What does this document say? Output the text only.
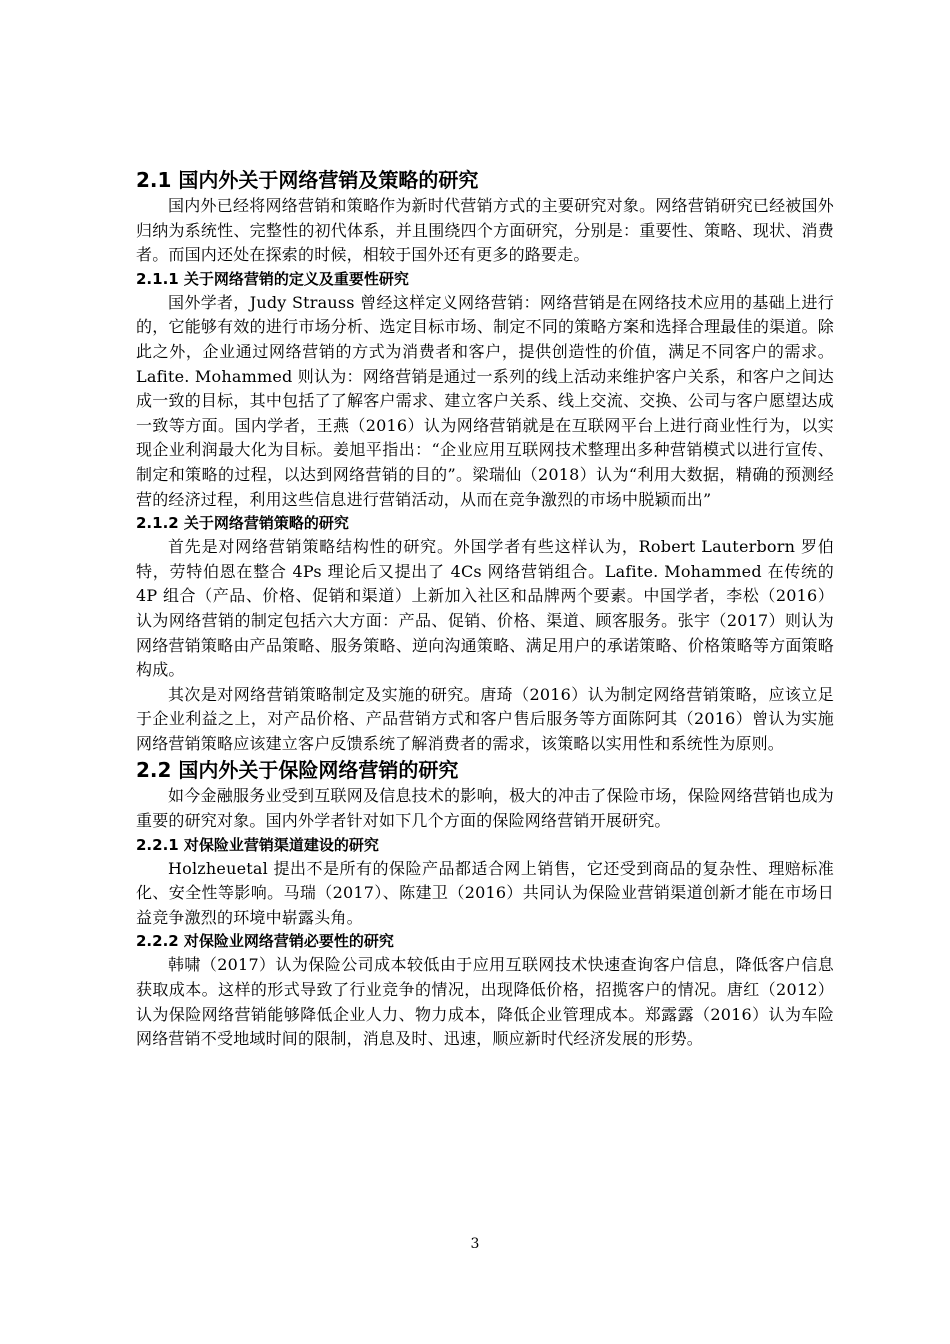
2.1 国内外关于网络营销及策略的研究

国内外已经将网络营销和策略作为新时代营销方式的主要研究对象。网络营销研究已经被国外归纳为系统性、完整性的初代体系，并且围绕四个方面研究，分别是：重要性、策略、现状、消费者。而国内还处在探索的时候，相较于国外还有更多的路要走。

2.1.1 关于网络营销的定义及重要性研究

国外学者，Judy Strauss 曾经这样定义网络营销：网络营销是在网络技术应用的基础上进行的，它能够有效的进行市场分析、选定目标市场、制定不同的策略方案和选择合理最佳的渠道。除此之外，企业通过网络营销的方式为消费者和客户，提供创造性的价值，满足不同客户的需求。Lafite. Mohammed 则认为：网络营销是通过一系列的线上活动来维护客户关系，和客户之间达成一致的目标，其中包括了了解客户需求、建立客户关系、线上交流、交换、公司与客户愿望达成一致等方面。国内学者，王燕（2016）认为网络营销就是在互联网平台上进行商业性行为，以实现企业利润最大化为目标。姜旭平指出：“企业应用互联网技术整理出多种营销模式以进行宣传、制定和策略的过程，以达到网络营销的目的”。梁瑞仙（2018）认为“利用大数据，精确的预测经营的经济过程，利用这些信息进行营销活动，从而在竞争激烈的市场中脱颖而出”

2.1.2 关于网络营销策略的研究

首先是对网络营销策略结构性的研究。外国学者有些这样认为，Robert Lauterborn 罗伯特，劳特伯恩在整合 4Ps 理论后又提出了 4Cs 网络营销组合。Lafite. Mohammed 在传统的 4P 组合（产品、价格、促销和渠道）上新加入社区和品牌两个要素。中国学者，李松（2016）认为网络营销的制定包括六大方面：产品、促销、价格、渠道、顾客服务。张宇（2017）则认为网络营销策略由产品策略、服务策略、逆向沟通策略、满足用户的承诺策略、价格策略等方面策略构成。

其次是对网络营销策略制定及实施的研究。唐琦（2016）认为制定网络营销策略，应该立足于企业利益之上，对产品价格、产品营销方式和客户售后服务等方面陈阿其（2016）曾认为实施网络营销策略应该建立客户反馈系统了解消费者的需求，该策略以实用性和系统性为原则。

2.2 国内外关于保险网络营销的研究

如今金融服务业受到互联网及信息技术的影响，极大的冲击了保险市场，保险网络营销也成为重要的研究对象。国内外学者针对如下几个方面的保险网络营销开展研究。

2.2.1 对保险业营销渠道建设的研究

Holzheuetal 提出不是所有的保险产品都适合网上销售，它还受到商品的复杂性、理赔标准化、安全性等影响。马瑞（2017）、陈建卫（2016）共同认为保险业营销渠道创新才能在市场日益竞争激烈的环境中崭露头角。

2.2.2 对保险业网络营销必要性的研究

韩啸（2017）认为保险公司成本较低由于应用互联网技术快速查询客户信息，降低客户信息获取成本。这样的形式导致了行业竞争的情况，出现降低价格，招揽客户的情况。唐红（2012）认为保险网络营销能够降低企业人力、物力成本，降低企业管理成本。郑露露（2016）认为车险网络营销不受地域时间的限制，消息及时、迅速，顺应新时代经济发展的形势。

3
